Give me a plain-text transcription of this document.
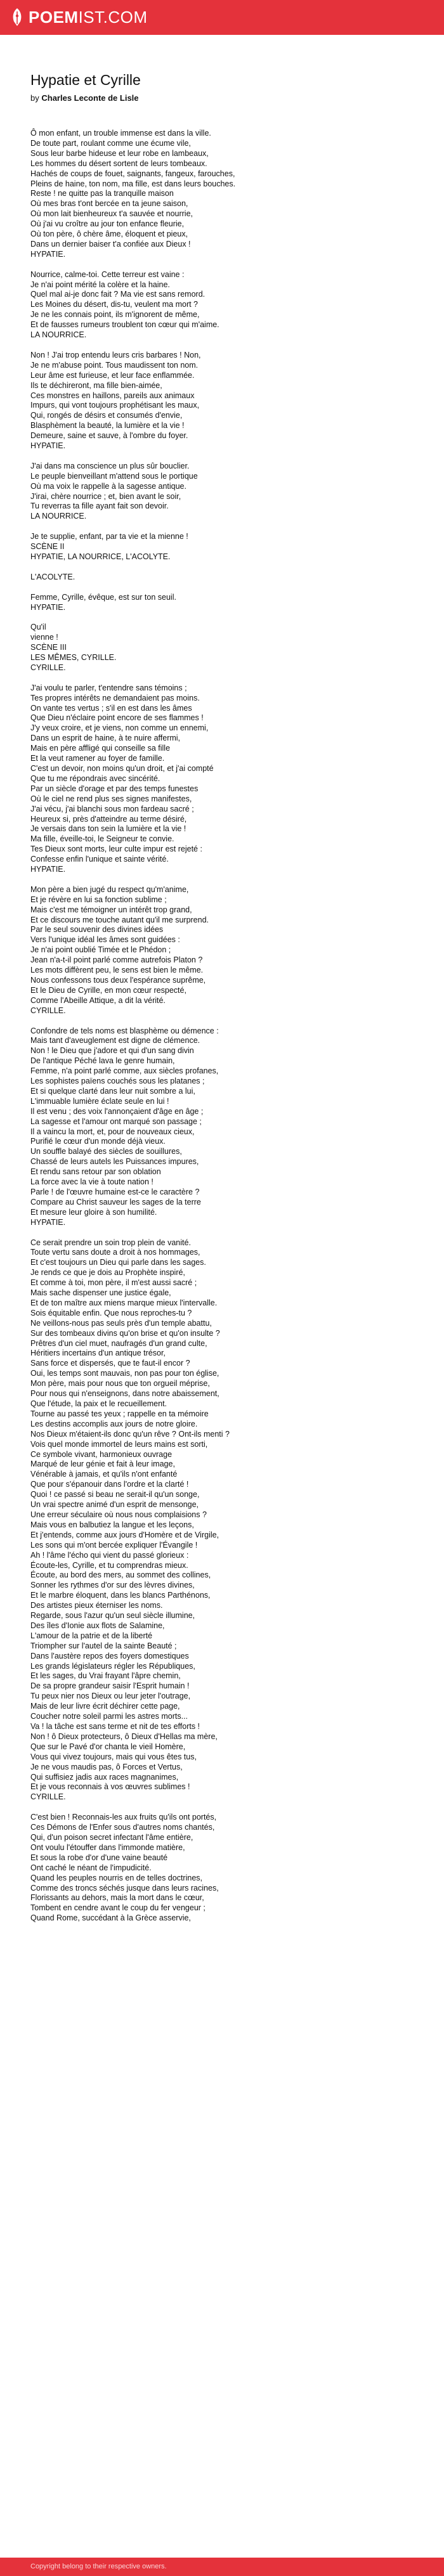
POEMIST.COM
Hypatie et Cyrille

by Charles Leconte de Lisle

Ô mon enfant, un trouble immense est dans la ville.
De toute part, roulant comme une écume vile,
Sous leur barbe hideuse et leur robe en lambeaux,
Les hommes du désert sortent de leurs tombeaux.
Hachés de coups de fouet, saignants, fangeux, farouches,
Pleins de haine, ton nom, ma fille, est dans leurs bouches.
Reste ! ne quitte pas la tranquille maison
Où mes bras t'ont bercée en ta jeune saison,
Où mon lait bienheureux t'a sauvée et nourrie,
Où j'ai vu croître au jour ton enfance fleurie,
Où ton père, ô chère âme, éloquent et pieux,
Dans un dernier baiser t'a confiée aux Dieux !
HYPATIE.

Nourrice, calme-toi. Cette terreur est vaine :
Je n'ai point mérité la colère et la haine.
Quel mal ai-je donc fait ? Ma vie est sans remord.
Les Moines du désert, dis-tu, veulent ma mort ?
Je ne les connais point, ils m'ignorent de même,
Et de fausses rumeurs troublent ton cœur qui m'aime.
LA NOURRICE.

Non ! J'ai trop entendu leurs cris barbares ! Non,
Je ne m'abuse point. Tous maudissent ton nom.
Leur âme est furieuse, et leur face enflammée.
Ils te déchireront, ma fille bien-aimée,
Ces monstres en haillons, pareils aux animaux
Impurs, qui vont toujours prophétisant les maux,
Qui, rongés de désirs et consumés d'envie,
Blasphèment la beauté, la lumière et la vie !
Demeure, saine et sauve, à l'ombre du foyer.
HYPATIE.

J'ai dans ma conscience un plus sûr bouclier.
Le peuple bienveillant m'attend sous le portique
Où ma voix le rappelle à la sagesse antique.
J'irai, chère nourrice ; et, bien avant le soir,
Tu reverras ta fille ayant fait son devoir.
LA NOURRICE.

Je te supplie, enfant, par ta vie et la mienne !
SCÈNE II
HYPATIE, LA NOURRICE, L'ACOLYTE.

L'ACOLYTE.

Femme, Cyrille, évêque, est sur ton seuil.
HYPATIE.

Qu'il
vienne !
SCÈNE III
LES MÊMES, CYRILLE.
CYRILLE.

J'ai voulu te parler, t'entendre sans témoins ;
Tes propres intérêts ne demandaient pas moins.
On vante tes vertus ; s'il en est dans les âmes
Que Dieu n'éclaire point encore de ses flammes !
J'y veux croire, et je viens, non comme un ennemi,
Dans un esprit de haine, à te nuire affermi,
Mais en père affligé qui conseille sa fille
Et la veut ramener au foyer de famille.
C'est un devoir, non moins qu'un droit, et j'ai compté
Que tu me répondrais avec sincérité.
Par un siècle d'orage et par des temps funestes
Où le ciel ne rend plus ses signes manifestes,
J'ai vécu, j'ai blanchi sous mon fardeau sacré ;
Heureux si, près d'atteindre au terme désiré,
Je versais dans ton sein la lumière et la vie !
Ma fille, éveille-toi, le Seigneur te convie.
Tes Dieux sont morts, leur culte impur est rejeté :
Confesse enfin l'unique et sainte vérité.
HYPATIE.

Mon père a bien jugé du respect qu'm'anime,
Et je révère en lui sa fonction sublime ;
Mais c'est me témoigner un intérêt trop grand,
Et ce discours me touche autant qu'il me surprend.
Par le seul souvenir des divines idées
Vers l'unique idéal les âmes sont guidées :
Je n'ai point oublié Timée et le Phédon ;
Jean n'a-t-il point parlé comme autrefois Platon ?
Les mots diffèrent peu, le sens est bien le même.
Nous confessons tous deux l'espérance suprême,
Et le Dieu de Cyrille, en mon cœur respecté,
Comme l'Abeille Attique, a dit la vérité.
CYRILLE.

Confondre de tels noms est blasphème ou démence :
Mais tant d'aveuglement est digne de clémence.
Non ! le Dieu que j'adore et qui d'un sang divin
De l'antique Péché lava le genre humain,
Femme, n'a point parlé comme, aux siècles profanes,
Les sophistes païens couchés sous les platanes ;
Et si quelque clarté dans leur nuit sombre a lui,
L'immuable lumière éclate seule en lui !
Il est venu ; des voix l'annonçaient d'âge en âge ;
La sagesse et l'amour ont marqué son passage ;
Il a vaincu la mort, et, pour de nouveaux cieux,
Purifié le cœur d'un monde déjà vieux.
Un souffle balayé des siècles de souillures,
Chassé de leurs autels les Puissances impures,
Et rendu sans retour par son oblation
La force avec la vie à toute nation !
Parle ! de l'œuvre humaine est-ce le caractère ?
Compare au Christ sauveur les sages de la terre
Et mesure leur gloire à son humilité.
HYPATIE.

Ce serait prendre un soin trop plein de vanité.
Toute vertu sans doute a droit à nos hommages,
Et c'est toujours un Dieu qui parle dans les sages.
Je rends ce que je dois au Prophète inspiré,
Et comme à toi, mon père, il m'est aussi sacré ;
Mais sache dispenser une justice égale,
Et de ton maître aux miens marque mieux l'intervalle.
Sois équitable enfin. Que nous reproches-tu ?
Ne veillons-nous pas seuls près d'un temple abattu,
Sur des tombeaux divins qu'on brise et qu'on insulte ?
Prêtres d'un ciel muet, naufragés d'un grand culte,
Héritiers incertains d'un antique trésor,
Sans force et dispersés, que te faut-il encor ?
Oui, les temps sont mauvais, non pas pour ton église,
Mon père, mais pour nous que ton orgueil méprise,
Pour nous qui n'enseignons, dans notre abaissement,
Que l'étude, la paix et le recueillement.
Tourne au passé tes yeux ; rappelle en ta mémoire
Les destins accomplis aux jours de notre gloire.
Nos Dieux m'étaient-ils donc qu'un rêve ? Ont-ils menti ?
Vois quel monde immortel de leurs mains est sorti,
Ce symbole vivant, harmonieux ouvrage
Marqué de leur génie et fait à leur image,
Vénérable à jamais, et qu'ils n'ont enfanté
Que pour s'épanouir dans l'ordre et la clarté !
Quoi ! ce passé si beau ne serait-il qu'un songe,
Un vrai spectre animé d'un esprit de mensonge,
Une erreur séculaire où nous nous complaisions ?
Mais vous en balbutiez la langue et les leçons,
Et j'entends, comme aux jours d'Homère et de Virgile,
Les sons qui m'ont bercée expliquer l'Évangile !
Ah ! l'âme l'écho qui vient du passé glorieux :
Écoute-les, Cyrille, et tu comprendras mieux.
Écoute, au bord des mers, au sommet des collines,
Sonner les rythmes d'or sur des lèvres divines,
Et le marbre éloquent, dans les blancs Parthénons,
Des artistes pieux éterniser les noms.
Regarde, sous l'azur qu'un seul siècle illumine,
Des îles d'Ionie aux flots de Salamine,
L'amour de la patrie et de la liberté
Triompher sur l'autel de la sainte Beauté ;
Dans l'austère repos des foyers domestiques
Les grands législateurs régler les Républiques,
Et les sages, du Vrai frayant l'âpre chemin,
De sa propre grandeur saisir l'Esprit humain !
Tu peux nier nos Dieux ou leur jeter l'outrage,
Mais de leur livre écrit déchirer cette page,
Coucher notre soleil parmi les astres morts...
Va ! la tâche est sans terme et nit de tes efforts !
Non ! ô Dieux protecteurs, ô Dieux d'Hellas ma mère,
Que sur le Pavé d'or chanta le vieil Homère,
Vous qui vivez toujours, mais qui vous êtes tus,
Je ne vous maudis pas, ô Forces et Vertus,
Qui suffisiez jadis aux races magnanimes,
Et je vous reconnais à vos œuvres sublimes !
CYRILLE.

C'est bien ! Reconnais-les aux fruits qu'ils ont portés,
Ces Démons de l'Enfer sous d'autres noms chantés,
Qui, d'un poison secret infectant l'âme entière,
Ont voulu l'étouffer dans l'immonde matière,
Et sous la robe d'or d'une vaine beauté
Ont caché le néant de l'impudicité.
Quand les peuples nourris en de telles doctrines,
Comme des troncs séchés jusque dans leurs racines,
Florissants au dehors, mais la mort dans le cœur,
Tombent en cendre avant le coup du fer vengeur ;
Quand Rome, succédant à la Grèce asservie,

Copyright belong to their respective owners.
